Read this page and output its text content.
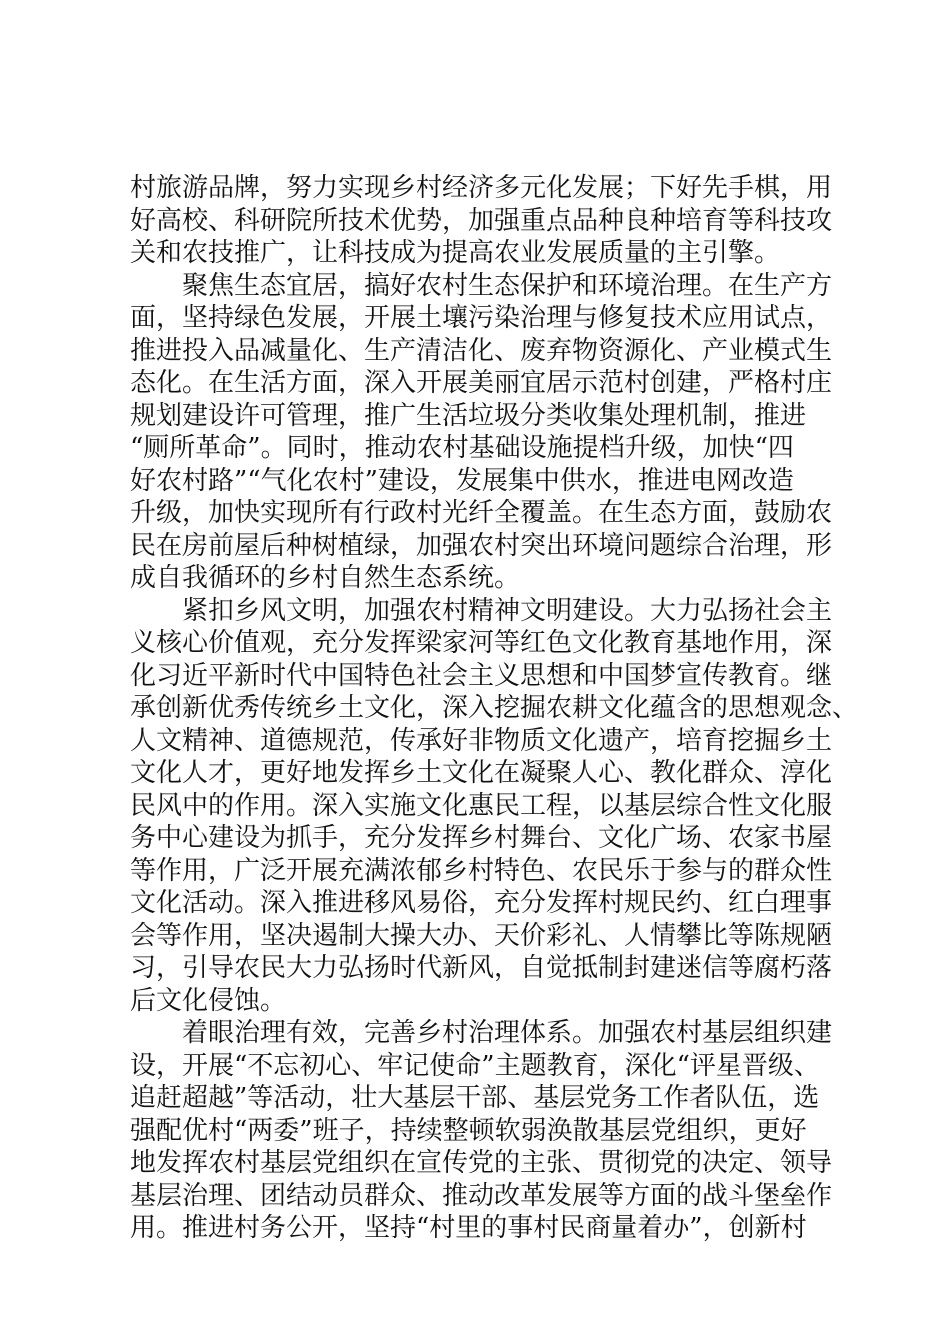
村旅游品牌，努力实现乡村经济多元化发展；下好先手棋，用
好高校、科研院所技术优势，加强重点品种良种培育等科技攻
关和农技推广，让科技成为提高农业发展质量的主引擎。
　　聚焦生态宜居，搞好农村生态保护和环境治理。在生产方
面，坚持绿色发展，开展土壤污染治理与修复技术应用试点，
推进投入品减量化、生产清洁化、废弃物资源化、产业模式生
态化。在生活方面，深入开展美丽宜居示范村创建，严格村庄
规划建设许可管理，推广生活垃圾分类收集处理机制，推进
“厕所革命”。同时，推动农村基础设施提档升级，加快“四
好农村路”“气化农村”建设，发展集中供水，推进电网改造
升级，加快实现所有行政村光纤全覆盖。在生态方面，鼓励农
民在房前屋后种树植绿，加强农村突出环境问题综合治理，形
成自我循环的乡村自然生态系统。
　　紧扣乡风文明，加强农村精神文明建设。大力弘扬社会主
义核心价值观，充分发挥梁家河等红色文化教育基地作用，深
化习近平新时代中国特色社会主义思想和中国梦宣传教育。继
承创新优秀传统乡土文化，深入挖掘农耕文化蕴含的思想观念、
人文精神、道德规范，传承好非物质文化遗产，培育挖掘乡土
文化人才，更好地发挥乡土文化在凝聚人心、教化群众、淳化
民风中的作用。深入实施文化惠民工程，以基层综合性文化服
务中心建设为抓手，充分发挥乡村舞台、文化广场、农家书屋
等作用，广泛开展充满浓郁乡村特色、农民乐于参与的群众性
文化活动。深入推进移风易俗，充分发挥村规民约、红白理事
会等作用，坚决遏制大操大办、天价彩礼、人情攀比等陈规陋
习，引导农民大力弘扬时代新风，自觉抵制封建迷信等腐朽落
后文化侵蚀。
　　着眼治理有效，完善乡村治理体系。加强农村基层组织建
设，开展“不忘初心、牢记使命”主题教育，深化“评星晋级、
追赶超越”等活动，壮大基层干部、基层党务工作者队伍，选
强配优村“两委”班子，持续整顿软弱涣散基层党组织，更好
地发挥农村基层党组织在宣传党的主张、贯彻党的决定、领导
基层治理、团结动员群众、推动改革发展等方面的战斗堡垒作
用。推进村务公开，坚持“村里的事村民商量着办”，创新村
